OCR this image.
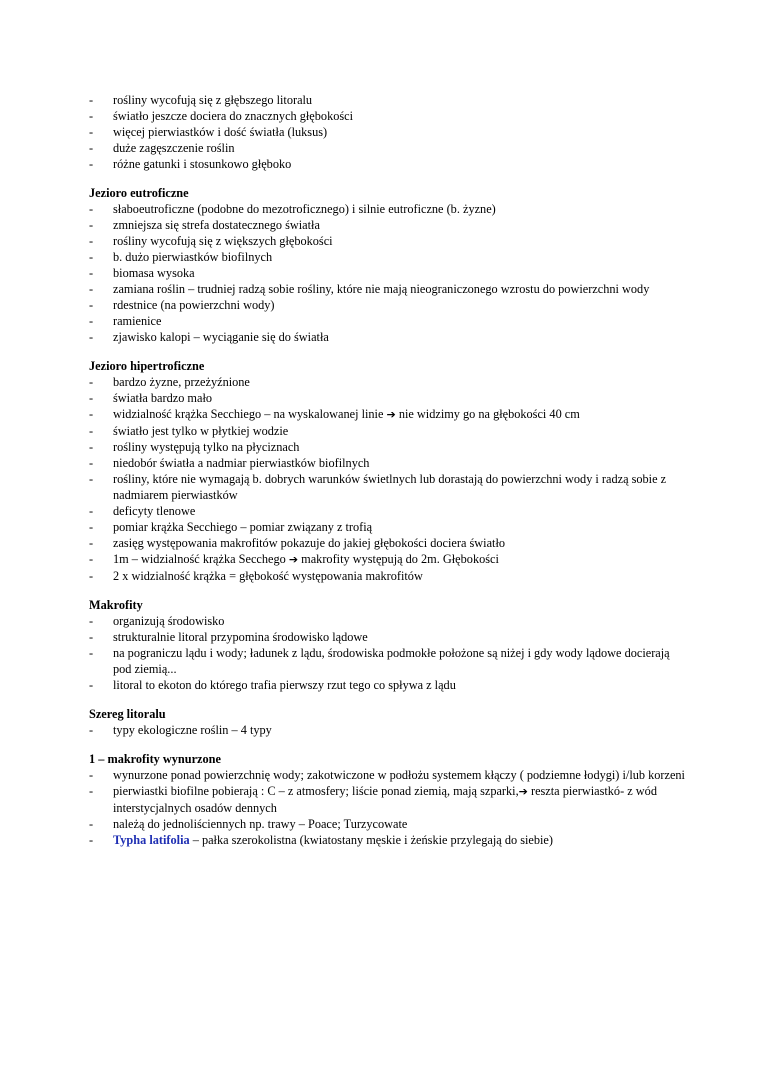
- rośliny wycofują się z głębszego litoralu
- światło jeszcze dociera do znacznych głębokości
- więcej pierwiastków i dość światła (luksus)
- duże zagęszczenie roślin
- różne gatunki i stosunkowo głęboko
Jezioro eutroficzne
- słaboeutroficzne (podobne do mezotroficznego) i silnie eutroficzne (b. żyzne)
- zmniejsza się strefa dostatecznego światła
- rośliny wycofują się z większych głębokości
- b. dużo pierwiastków biofilnych
- biomasa wysoka
- zamiana roślin – trudniej radzą sobie rośliny, które nie mają nieograniczonego wzrostu do powierzchni wody
- rdestnice (na powierzchni wody)
- ramienice
- zjawisko kalopi – wyciąganie się do światła
Jezioro hipertroficzne
- bardzo żyzne, przeżyźnione
- światła bardzo mało
- widzialność krążka Secchiego – na wyskalowanej linie ➔ nie widzimy go na głębokości 40 cm
- światło jest tylko w płytkiej wodzie
- rośliny występują tylko na płyciznach
- niedobór światła a nadmiar pierwiastków biofilnych
- rośliny, które nie wymagają b. dobrych warunków świetlnych lub dorastają do powierzchni wody i radzą sobie z nadmiarem pierwiastków
- deficyty tlenowe
- pomiar krążka Secchiego – pomiar związany z trofią
- zasięg występowania makrofitów pokazuje do jakiej głębokości dociera światło
- 1m – widzialność krążka Secchego ➔ makrofity występują do 2m. Głębokości
- 2 x widzialność krążka = głębokość występowania makrofitów
Makrofity
- organizują środowisko
- strukturalnie litoral przypomina środowisko lądowe
- na pograniczu lądu i wody; ładunek z lądu, środowiska podmokłe położone są niżej i gdy wody lądowe docierają pod ziemią...
- litoral to ekoton do którego trafia pierwszy rzut tego co spływa z lądu
Szereg litoralu
- typy ekologiczne roślin – 4 typy
1 – makrofity wynurzone
- wynurzone ponad powierzchnię wody; zakotwiczone w podłożu systemem kłączy ( podziemne łodygi) i/lub korzeni
- pierwiastki biofilne pobierają : C – z atmosfery; liście ponad ziemią, mają szparki,➔ reszta pierwiastkó- z wód interstycjalnych osadów dennych
- należą do jednoliściennych np. trawy – Poace; Turzycowate
- Typha latifolia – pałka szerokolistna (kwiatostany męskie i żeńskie przylegają do siebie)
